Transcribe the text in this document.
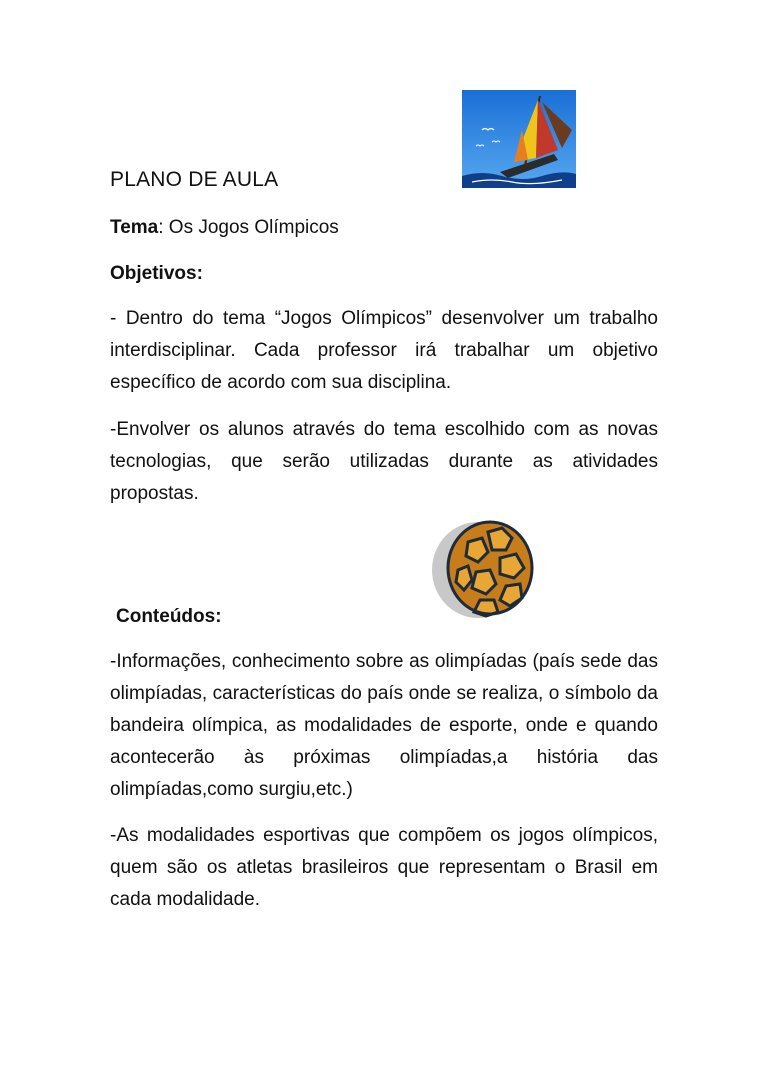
PLANO DE AULA
Tema: Os Jogos Olímpicos
Objetivos:

- Dentro do tema “Jogos Olímpicos” desenvolver um trabalho interdisciplinar. Cada professor irá trabalhar um objetivo específico de acordo com sua disciplina.

-Envolver os alunos através do tema escolhido com as novas tecnologias, que serão utilizadas durante as atividades propostas.

Conteúdos:

-Informações, conhecimento sobre as olimpíadas (país sede das olimpíadas, características do país onde se realiza, o símbolo da bandeira olímpica, as modalidades de esporte, onde e quando acontecerão às próximas olimpíadas,a história das olimpíadas,como surgiu,etc.)

-As modalidades esportivas que compõem os jogos olímpicos, quem são os atletas brasileiros que representam o Brasil em cada modalidade.
